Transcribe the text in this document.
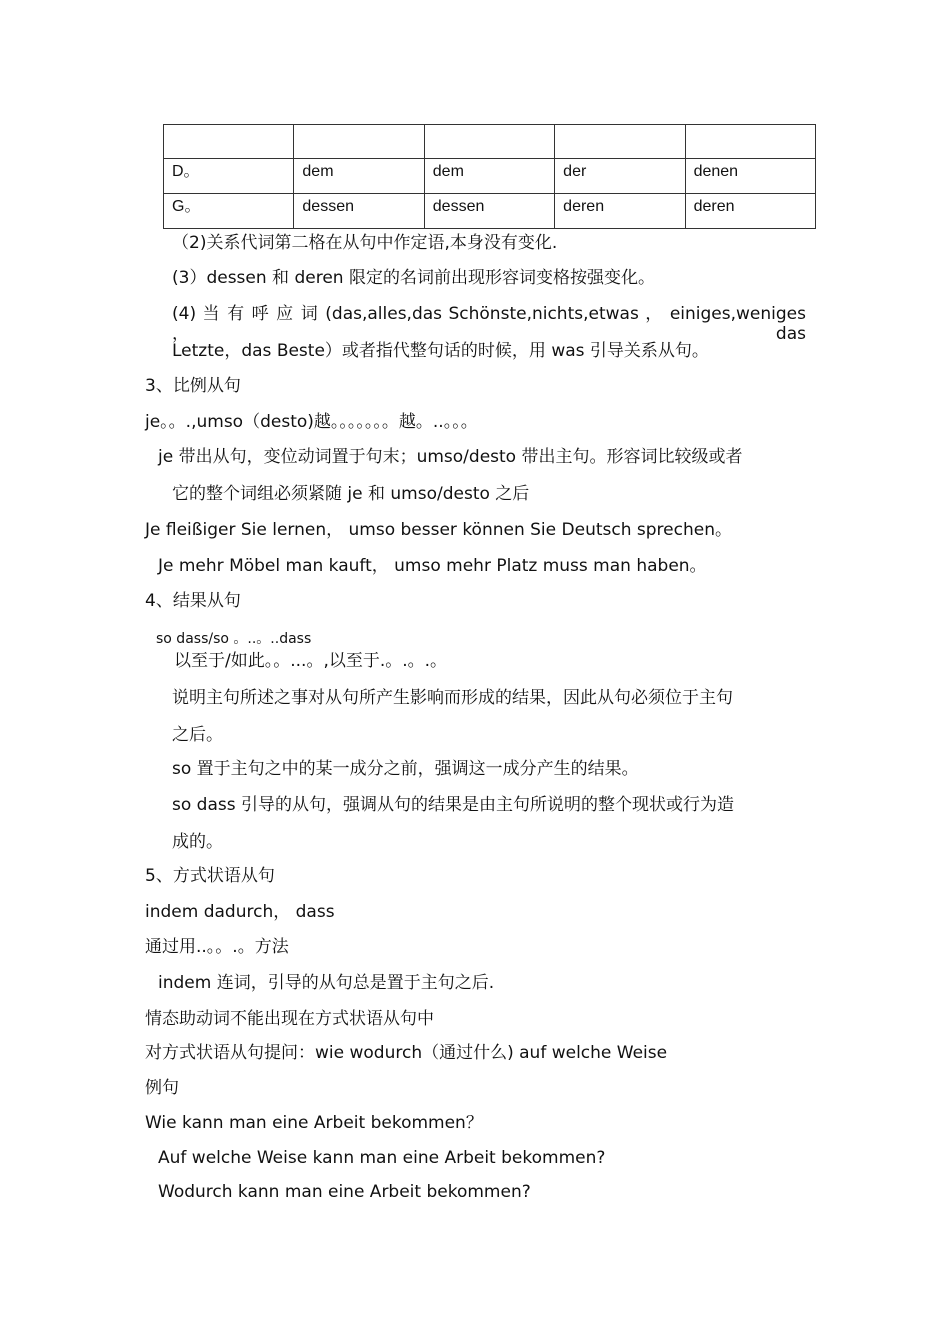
D。	dem	dem	der	denen
G。	dessen	dessen	deren	deren
（2)关系代词第二格在从句中作定语,本身没有变化.
(3）dessen 和 deren 限定的名词前出现形容词变格按强变化。
(4) 当 有 呼 应 词 (das,alles,das Schönste,nichts,etwas ， einiges,weniges ， das
Letzte，das Beste）或者指代整句话的时候，用 was 引导关系从句。
3、比例从句
je。。.,umso（desto)越。。。。。。。越。..。。。
je 带出从句，变位动词置于句末；umso/desto 带出主句。形容词比较级或者
它的整个词组必须紧随 je 和 umso/desto 之后
Je fleißiger Sie lernen， umso besser können Sie Deutsch sprechen。
Je mehr Möbel man kauft， umso mehr Platz muss man haben。
4、结果从句
so dass/so 。..。..dass
以至于/如此。。...。,以至于.。.。.。
说明主句所述之事对从句所产生影响而形成的结果，因此从句必须位于主句
之后。
so 置于主句之中的某一成分之前，强调这一成分产生的结果。
so dass 引导的从句，强调从句的结果是由主句所说明的整个现状或行为造
成的。
5、方式状语从句
indem dadurch， dass
通过用..。。.。方法
indem 连词，引导的从句总是置于主句之后.
情态助动词不能出现在方式状语从句中
对方式状语从句提问：wie wodurch（通过什么) auf welche Weise
例句
Wie kann man eine Arbeit bekommen？
Auf welche Weise kann man eine Arbeit bekommen?
Wodurch kann man eine Arbeit bekommen?
